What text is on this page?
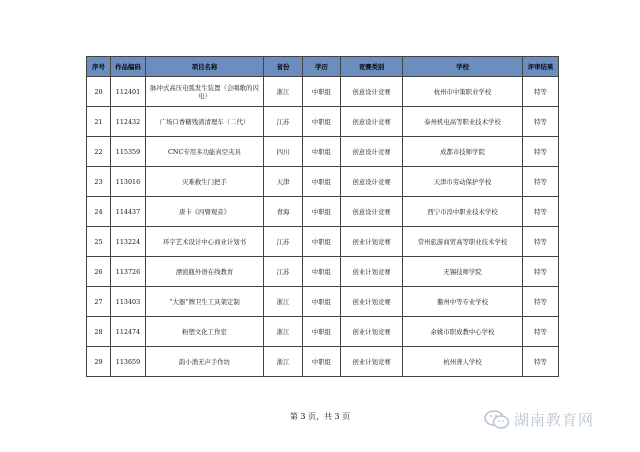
序号	作品编码	项目名称	省份	学历	竞赛类别	学校	评审结果
20	112401	脉冲式高压电弧发生装置（会唱歌的闪电）	浙江	中职组	创意设计竞赛	杭州市中策职业学校	特等
21	112432	广场口香糖残渣清理车（二代）	江苏	中职组	创意设计竞赛	泰州机电高等职业技术学校	特等
22	115359	CNC专用多功能真空夹具	四川	中职组	创意设计竞赛	成都市技师学院	特等
23	113016	灾难救生门把手	天津	中职组	创意设计竞赛	天津市劳动保护学校	特等
24	114437	唐卡《四臂观音》	青海	中职组	创意设计竞赛	西宁市湟中职业技术学校	特等
25	113224	环宇艺术设计中心商业计划书	江苏	中职组	创业计划竞赛	常州旅游商贸高等职业技术学校	特等
26	113726	漂流瓶外语在线教育	江苏	中职组	创业计划竞赛	无锡技师学院	特等
27	113403	“大器”牌卫生工具架定制	浙江	中职组	创业计划竞赛	衢州中等专业学校	特等
28	112474	粉塑文化工作室	浙江	中职组	创业计划竞赛	余姚市职成教中心学校	特等
29	113659	韵小渔无声手作坊	浙江	中职组	创业计划竞赛	杭州聋人学校	特等
第 3 页，共 3 页	湖南教育网
